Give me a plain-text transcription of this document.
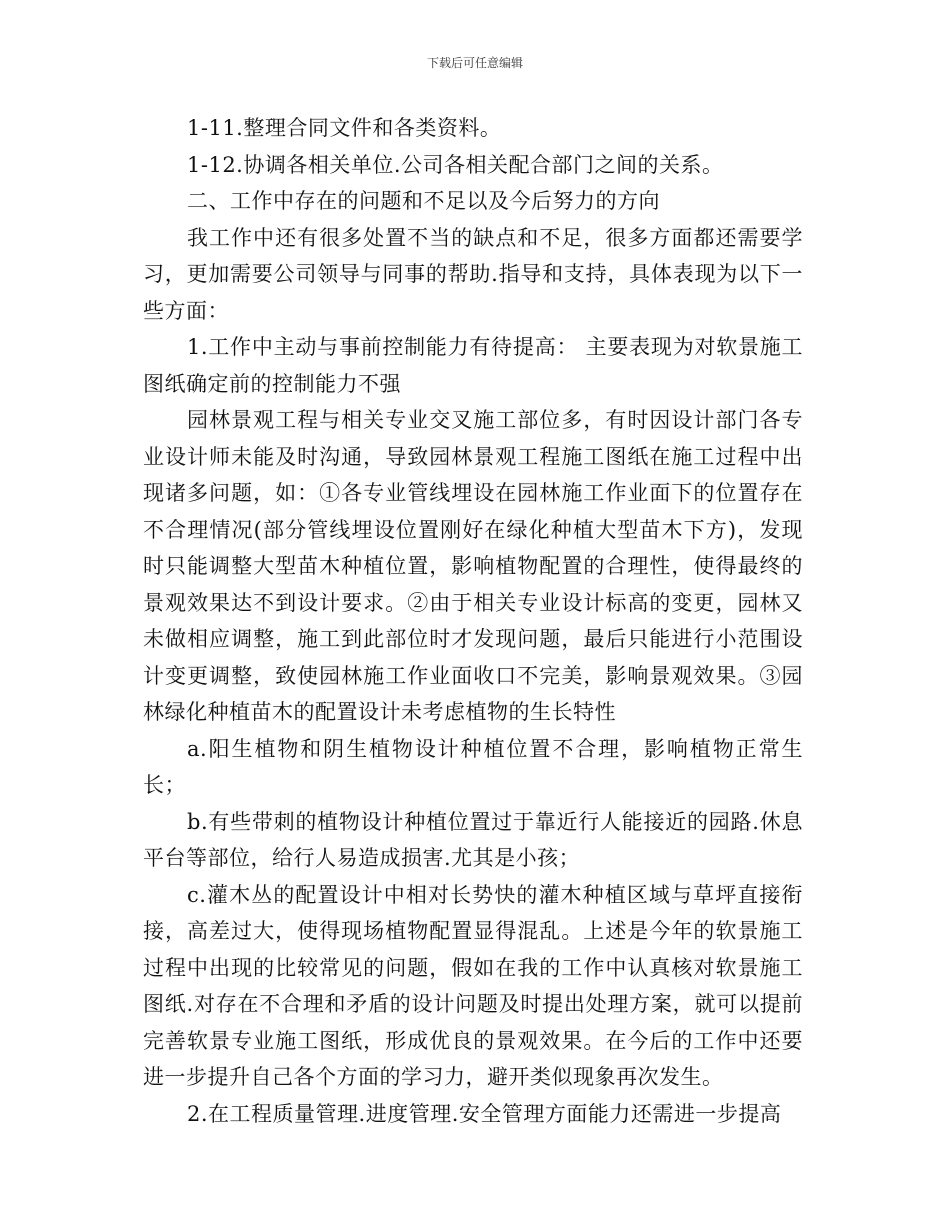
下载后可任意编辑

1-11.整理合同文件和各类资料。

1-12.协调各相关单位.公司各相关配合部门之间的关系。

二、工作中存在的问题和不足以及今后努力的方向

我工作中还有很多处置不当的缺点和不足，很多方面都还需要学习，更加需要公司领导与同事的帮助.指导和支持，具体表现为以下一些方面：

1.工作中主动与事前控制能力有待提高： 主要表现为对软景施工图纸确定前的控制能力不强

园林景观工程与相关专业交叉施工部位多，有时因设计部门各专业设计师未能及时沟通，导致园林景观工程施工图纸在施工过程中出现诸多问题，如：①各专业管线埋设在园林施工作业面下的位置存在不合理情况(部分管线埋设位置刚好在绿化种植大型苗木下方)，发现时只能调整大型苗木种植位置，影响植物配置的合理性，使得最终的景观效果达不到设计要求。②由于相关专业设计标高的变更，园林又未做相应调整，施工到此部位时才发现问题，最后只能进行小范围设计变更调整，致使园林施工作业面收口不完美，影响景观效果。③园林绿化种植苗木的配置设计未考虑植物的生长特性

a.阳生植物和阴生植物设计种植位置不合理，影响植物正常生长；

b.有些带刺的植物设计种植位置过于靠近行人能接近的园路.休息平台等部位，给行人易造成损害.尤其是小孩；

c.灌木丛的配置设计中相对长势快的灌木种植区域与草坪直接衔接，高差过大，使得现场植物配置显得混乱。上述是今年的软景施工过程中出现的比较常见的问题，假如在我的工作中认真核对软景施工图纸.对存在不合理和矛盾的设计问题及时提出处理方案，就可以提前完善软景专业施工图纸，形成优良的景观效果。在今后的工作中还要进一步提升自己各个方面的学习力，避开类似现象再次发生。

2.在工程质量管理.进度管理.安全管理方面能力还需进一步提高
